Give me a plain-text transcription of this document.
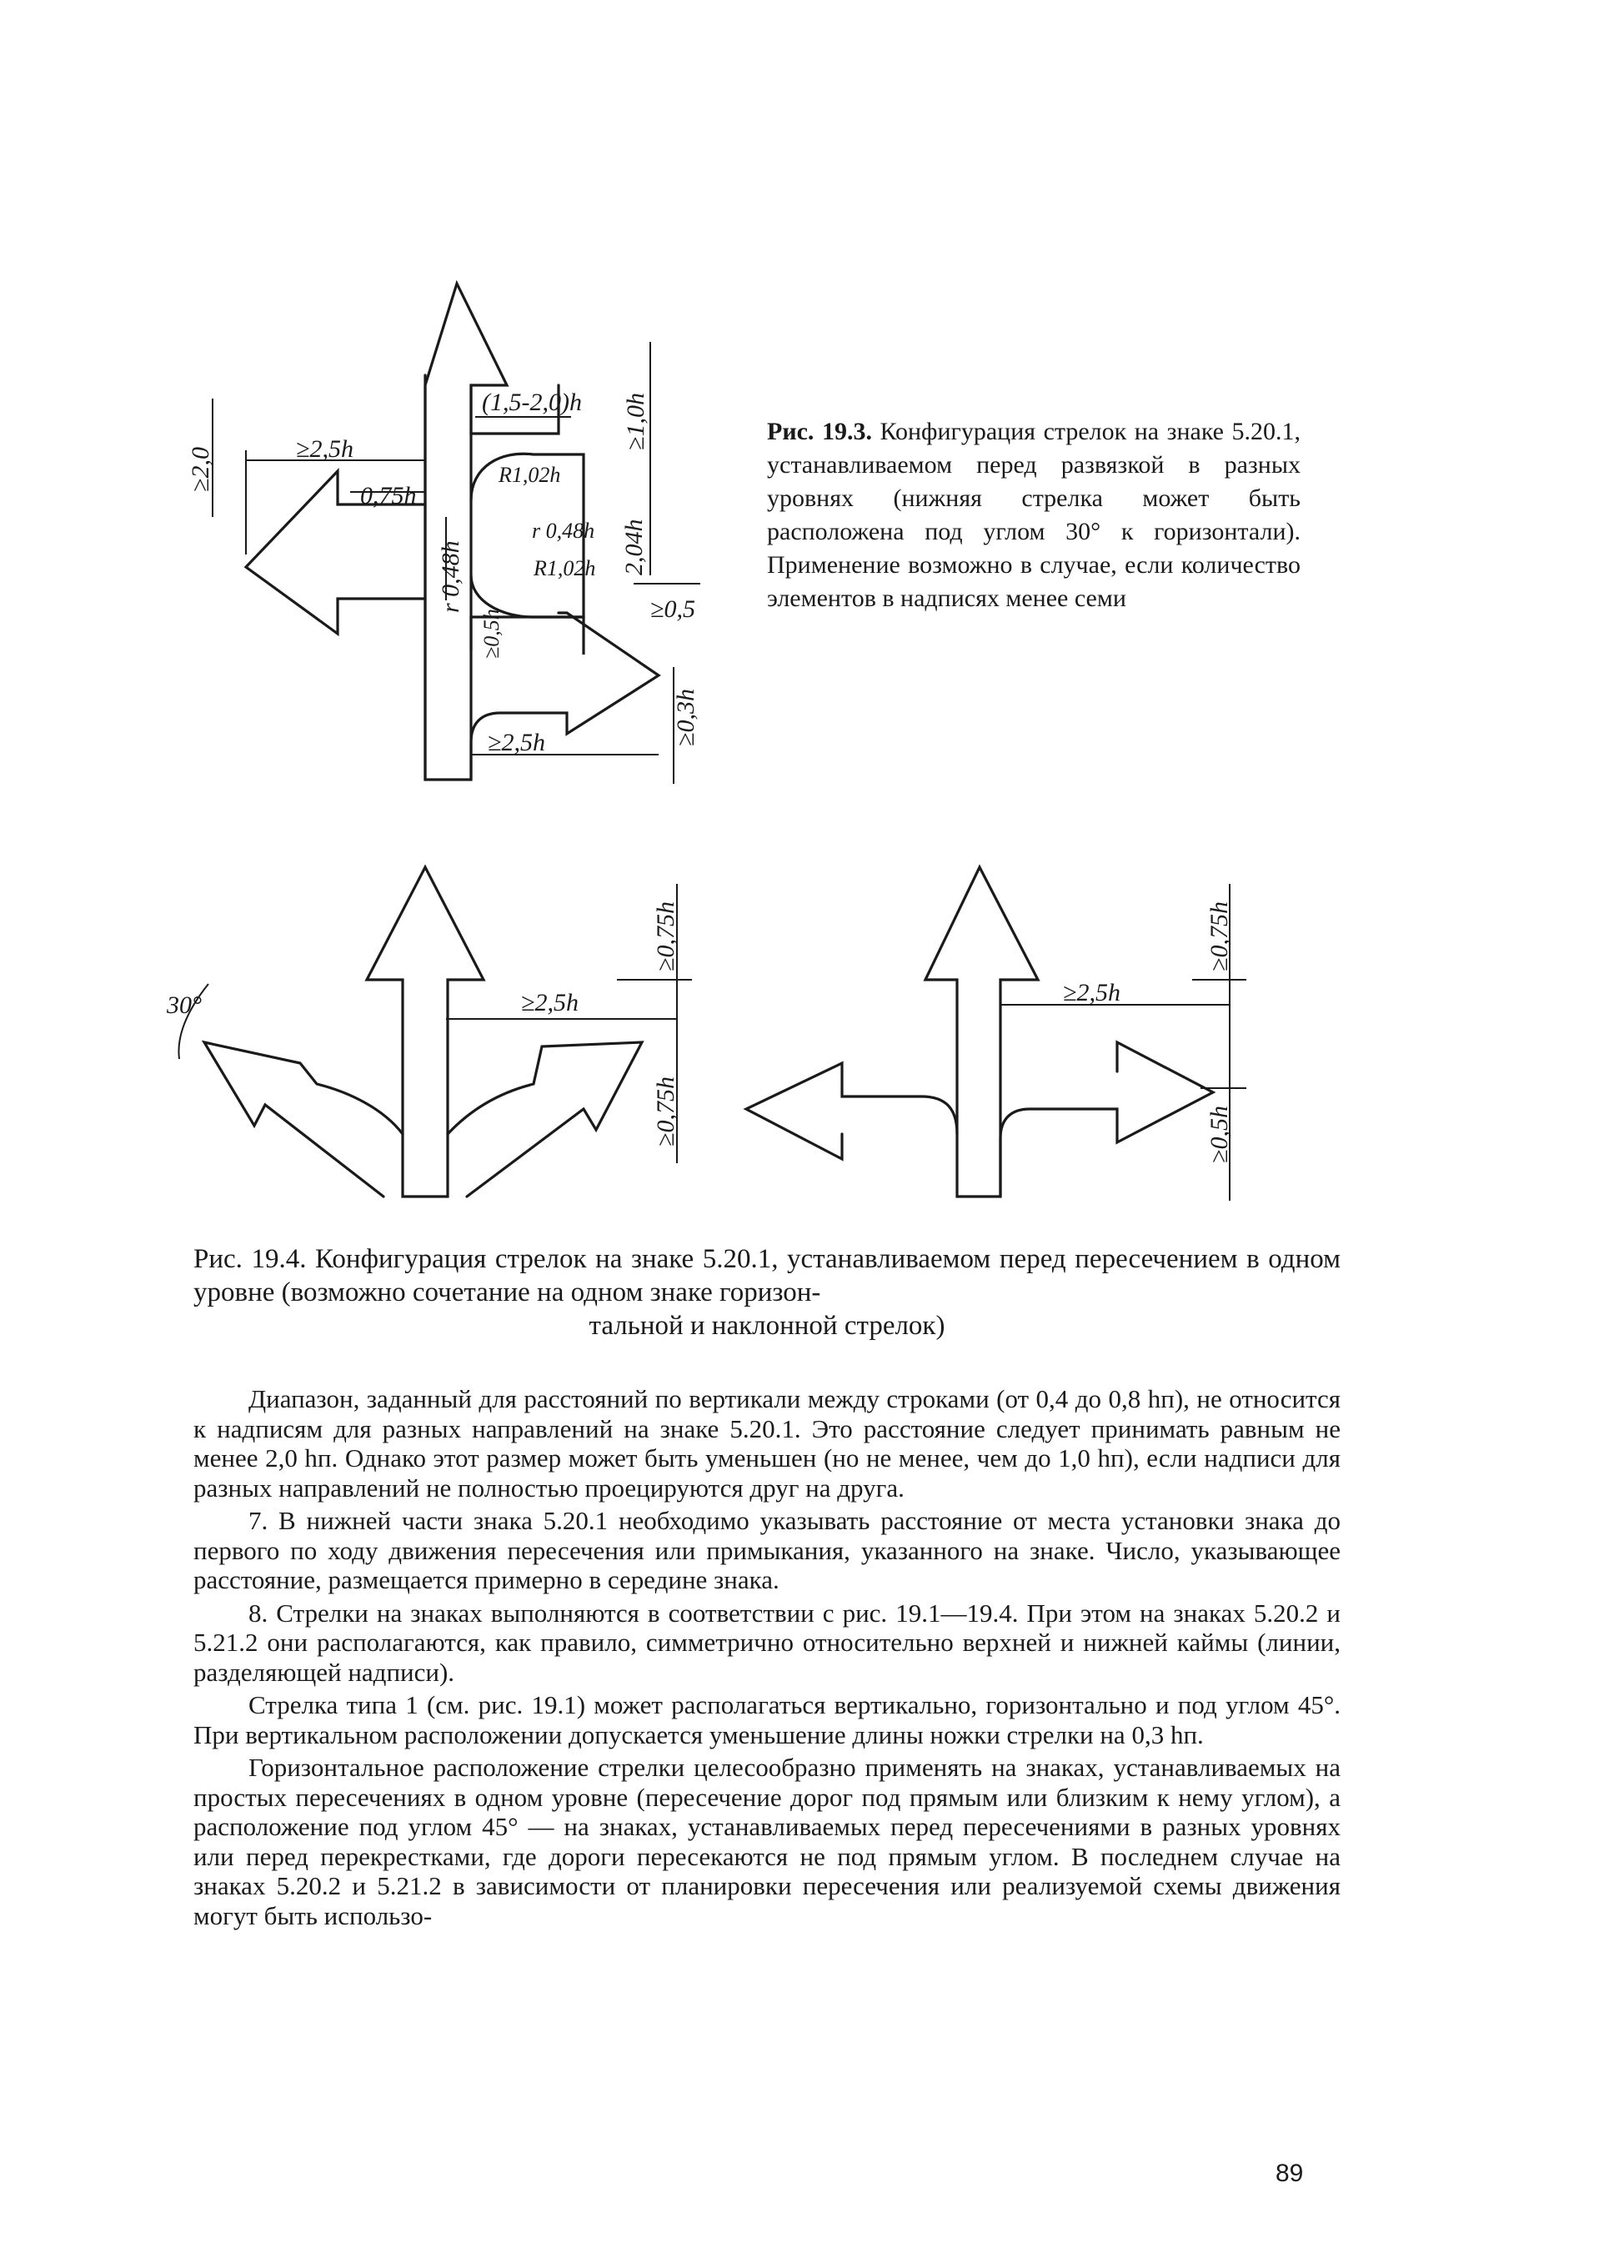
(1,5-2,0)h ≥1,0h
≥2,5h
0,75h
R1,02h
r 0,48h
r 0,48h	2,04h
R1,02h
≥0,5h	≥0,5
≥0,3h
≥2,5h
≥2,0
30°	≥2,5h
≥0,75h
≥0,75h
≥2,5h
≥0,75h
≥0,5h
Рис. 19.3. Конфигурация стрелок на знаке 5.20.1, устанавливаемом перед развязкой в разных уровнях (нижняя стрелка может быть расположена под углом 30° к горизонтали). Применение возможно в случае, если количество элементов в надписях менее семи
Рис. 19.4. Конфигурация стрелок на знаке 5.20.1, устанавливаемом перед пересечением в одном уровне (возможно сочетание на одном знаке горизон-
тальной и наклонной стрелок)

Диапазон, заданный для расстояний по вертикали между строками (от 0,4 до 0,8 hп), не относится к надписям для разных направлений на знаке 5.20.1. Это расстояние следует принимать равным не менее 2,0 hп. Однако этот размер может быть уменьшен (но не менее, чем до 1,0 hп), если надписи для разных направлений не полностью проецируются друг на друга.

7. В нижней части знака 5.20.1 необходимо указывать расстояние от места установки знака до первого по ходу движения пересечения или примыкания, указанного на знаке. Число, указывающее расстояние, размещается примерно в середине знака.

8. Стрелки на знаках выполняются в соответствии с рис. 19.1—19.4. При этом на знаках 5.20.2 и 5.21.2 они располагаются, как правило, симметрично относительно верхней и нижней каймы (линии, разделяющей надписи).

Стрелка типа 1 (см. рис. 19.1) может располагаться вертикально, горизонтально и под углом 45°. При вертикальном расположении допускается уменьшение длины ножки стрелки на 0,3 hп.

Горизонтальное расположение стрелки целесообразно применять на знаках, устанавливаемых на простых пересечениях в одном уровне (пересечение дорог под прямым или близким к нему углом), а расположение под углом 45° — на знаках, устанавливаемых перед пересечениями в разных уровнях или перед перекрестками, где дороги пересекаются не под прямым углом. В последнем случае на знаках 5.20.2 и 5.21.2 в зависимости от планировки пересечения или реализуемой схемы движения могут быть использо-

89
